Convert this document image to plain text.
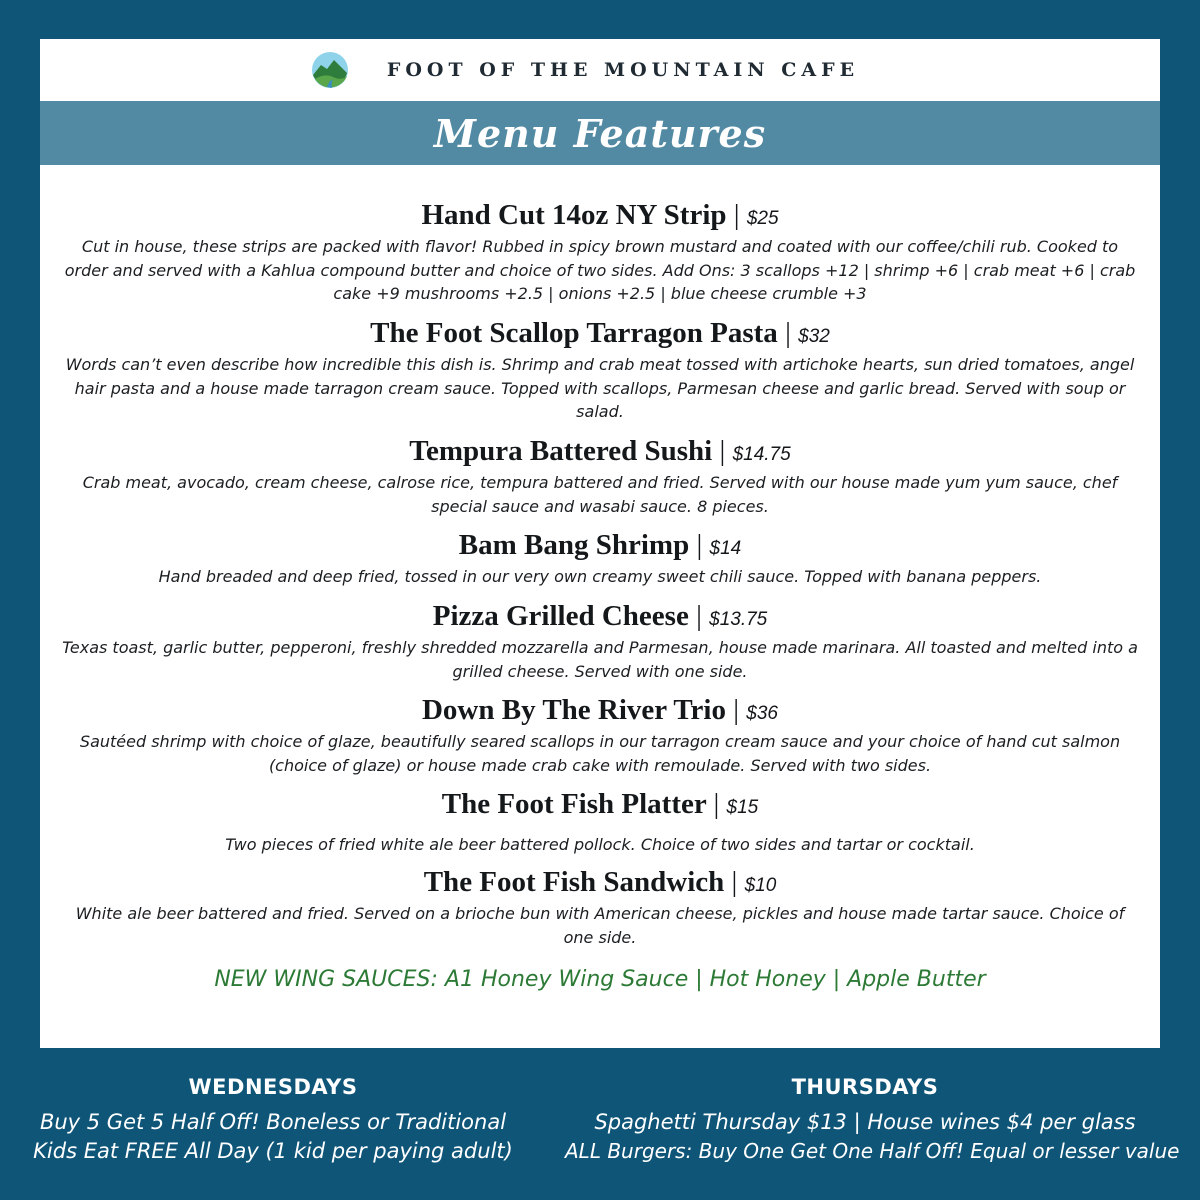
FOOT OF THE MOUNTAIN CAFE
Menu Features
Hand Cut 14oz NY Strip | $25
Cut in house, these strips are packed with flavor! Rubbed in spicy brown mustard and coated with our coffee/chili rub. Cooked to order and served with a Kahlua compound butter and choice of two sides. Add Ons: 3 scallops +12 | shrimp +6 | crab meat +6 | crab cake +9 mushrooms +2.5 | onions +2.5 | blue cheese crumble +3
The Foot Scallop Tarragon Pasta | $32
Words can’t even describe how incredible this dish is. Shrimp and crab meat tossed with artichoke hearts, sun dried tomatoes, angel hair pasta and a house made tarragon cream sauce. Topped with scallops, Parmesan cheese and garlic bread. Served with soup or salad.
Tempura Battered Sushi | $14.75
Crab meat, avocado, cream cheese, calrose rice, tempura battered and fried. Served with our house made yum yum sauce, chef special sauce and wasabi sauce. 8 pieces.
Bam Bang Shrimp | $14
Hand breaded and deep fried, tossed in our very own creamy sweet chili sauce. Topped with banana peppers.
Pizza Grilled Cheese | $13.75
Texas toast, garlic butter, pepperoni, freshly shredded mozzarella and Parmesan, house made marinara. All toasted and melted into a grilled cheese. Served with one side.
Down By The River Trio | $36
Sautéed shrimp with choice of glaze, beautifully seared scallops in our tarragon cream sauce and your choice of hand cut salmon (choice of glaze) or house made crab cake with remoulade. Served with two sides.
The Foot Fish Platter | $15
Two pieces of fried white ale beer battered pollock. Choice of two sides and tartar or cocktail.
The Foot Fish Sandwich | $10
White ale beer battered and fried. Served on a brioche bun with American cheese, pickles and house made tartar sauce. Choice of one side.
NEW WING SAUCES: A1 Honey Wing Sauce | Hot Honey | Apple Butter
WEDNESDAYS
Buy 5 Get 5 Half Off! Boneless or Traditional
Kids Eat FREE All Day (1 kid per paying adult)
THURSDAYS
Spaghetti Thursday $13 | House wines $4 per glass
ALL Burgers: Buy One Get One Half Off! Equal or lesser value
